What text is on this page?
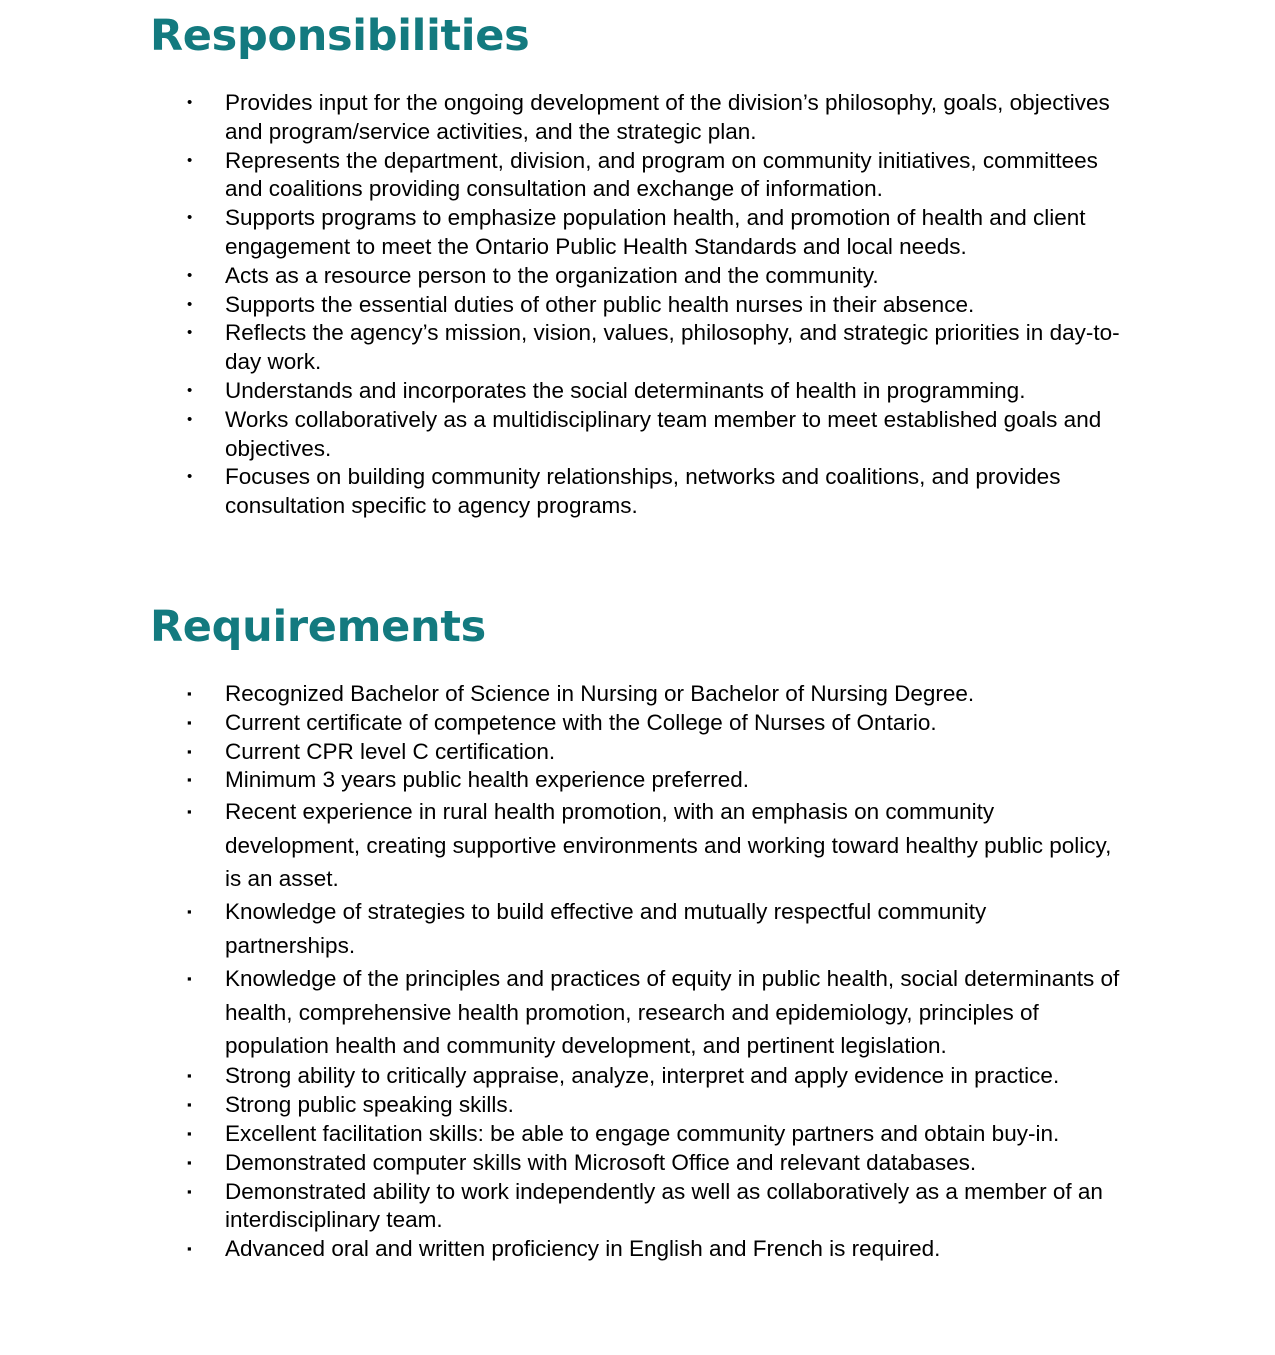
Responsibilities
•	Provides input for the ongoing development of the division’s philosophy, goals, objectives and program/service activities, and the strategic plan.
•	Represents the department, division, and program on community initiatives, committees and coalitions providing consultation and exchange of information.
•	Supports programs to emphasize population health, and promotion of health and client engagement to meet the Ontario Public Health Standards and local needs.
•	Acts as a resource person to the organization and the community.
•	Supports the essential duties of other public health nurses in their absence.
•	Reflects the agency’s mission, vision, values, philosophy, and strategic priorities in day-to-day work.
•	Understands and incorporates the social determinants of health in programming.
•	Works collaboratively as a multidisciplinary team member to meet established goals and objectives.
•	Focuses on building community relationships, networks and coalitions, and provides consultation specific to agency programs.
Requirements
▪	Recognized Bachelor of Science in Nursing or Bachelor of Nursing Degree.
▪	Current certificate of competence with the College of Nurses of Ontario.
▪	Current CPR level C certification.
▪	Minimum 3 years public health experience preferred.
▪	Recent experience in rural health promotion, with an emphasis on community development, creating supportive environments and working toward healthy public policy, is an asset.
▪	Knowledge of strategies to build effective and mutually respectful community partnerships.
▪	Knowledge of the principles and practices of equity in public health, social determinants of health, comprehensive health promotion, research and epidemiology, principles of population health and community development, and pertinent legislation.
▪	Strong ability to critically appraise, analyze, interpret and apply evidence in practice.
▪	Strong public speaking skills.
▪	Excellent facilitation skills: be able to engage community partners and obtain buy-in.
▪	Demonstrated computer skills with Microsoft Office and relevant databases.
▪	Demonstrated ability to work independently as well as collaboratively as a member of an interdisciplinary team.
▪	Advanced oral and written proficiency in English and French is required.
